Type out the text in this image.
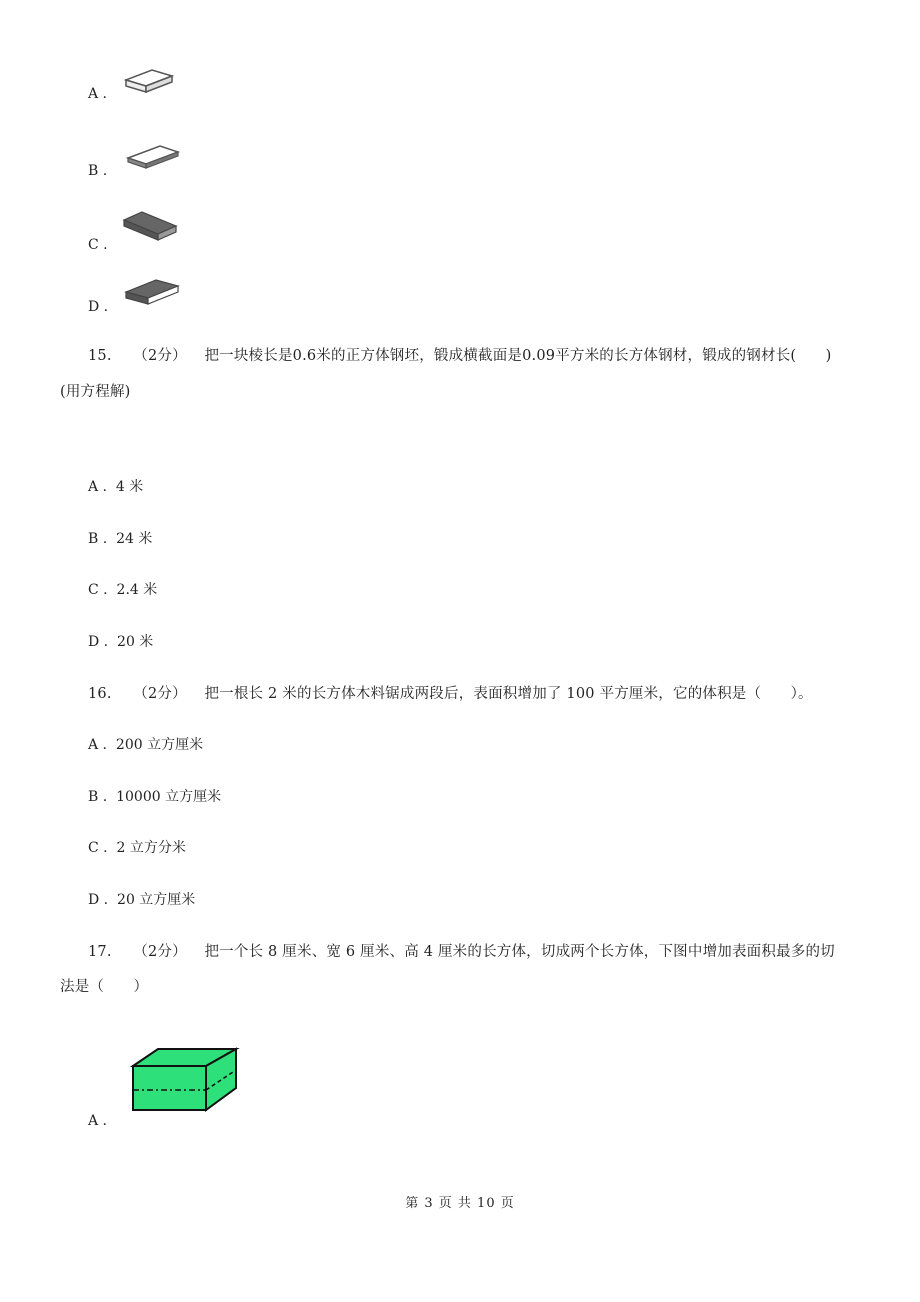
A .
B .
C .
D .
15. （2分） 把一块棱长是0.6米的正方体钢坯，锻成横截面是0.09平方米的长方体钢材，锻成的钢材长(　　)
(用方程解)
A . 4 米
B . 24 米
C . 2.4 米
D . 20 米
16. （2分） 把一根长 2 米的长方体木料锯成两段后，表面积增加了 100 平方厘米，它的体积是（　　）。
A . 200 立方厘米
B . 10000 立方厘米
C . 2 立方分米
D . 20 立方厘米
17. （2分） 把一个长 8 厘米、宽 6 厘米、高 4 厘米的长方体，切成两个长方体，下图中增加表面积最多的切
法是（　　）
A .
第 3 页 共 10 页
